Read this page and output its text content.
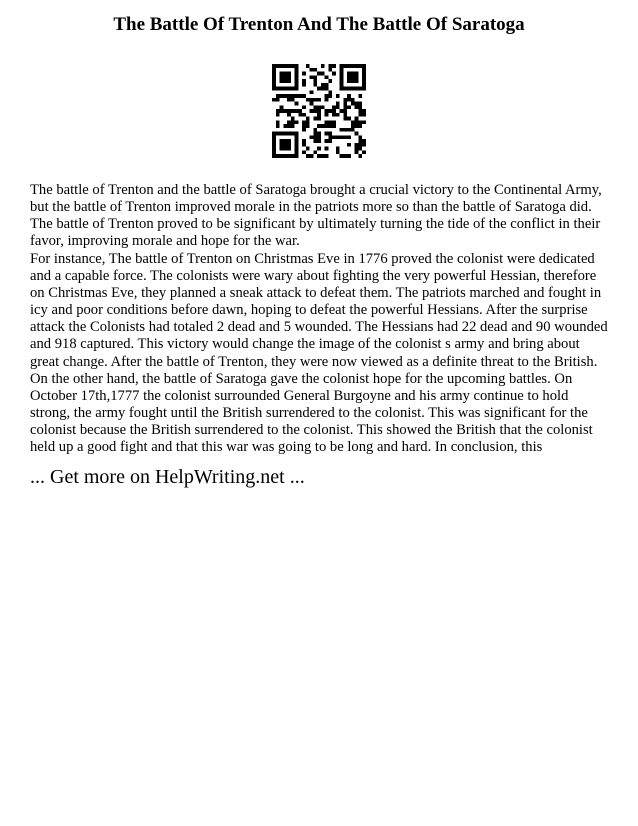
The Battle Of Trenton And The Battle Of Saratoga

The battle of Trenton and the battle of Saratoga brought a crucial victory to the Continental Army, but the battle of Trenton improved morale in the patriots more so than the battle of Saratoga did. The battle of Trenton proved to be significant by ultimately turning the tide of the conflict in their favor, improving morale and hope for the war.

For instance, The battle of Trenton on Christmas Eve in 1776 proved the colonist were dedicated and a capable force. The colonists were wary about fighting the very powerful Hessian, therefore on Christmas Eve, they planned a sneak attack to defeat them. The patriots marched and fought in icy and poor conditions before dawn, hoping to defeat the powerful Hessians. After the surprise attack the Colonists had totaled 2 dead and 5 wounded. The Hessians had 22 dead and 90 wounded and 918 captured. This victory would change the image of the colonist s army and bring about great change. After the battle of Trenton, they were now viewed as a definite threat to the British. On the other hand, the battle of Saratoga gave the colonist hope for the upcoming battles. On October 17th,1777 the colonist surrounded General Burgoyne and his army continue to hold strong, the army fought until the British surrendered to the colonist. This was significant for the colonist because the British surrendered to the colonist. This showed the British that the colonist held up a good fight and that this war was going to be long and hard. In conclusion, this

... Get more on HelpWriting.net ...
